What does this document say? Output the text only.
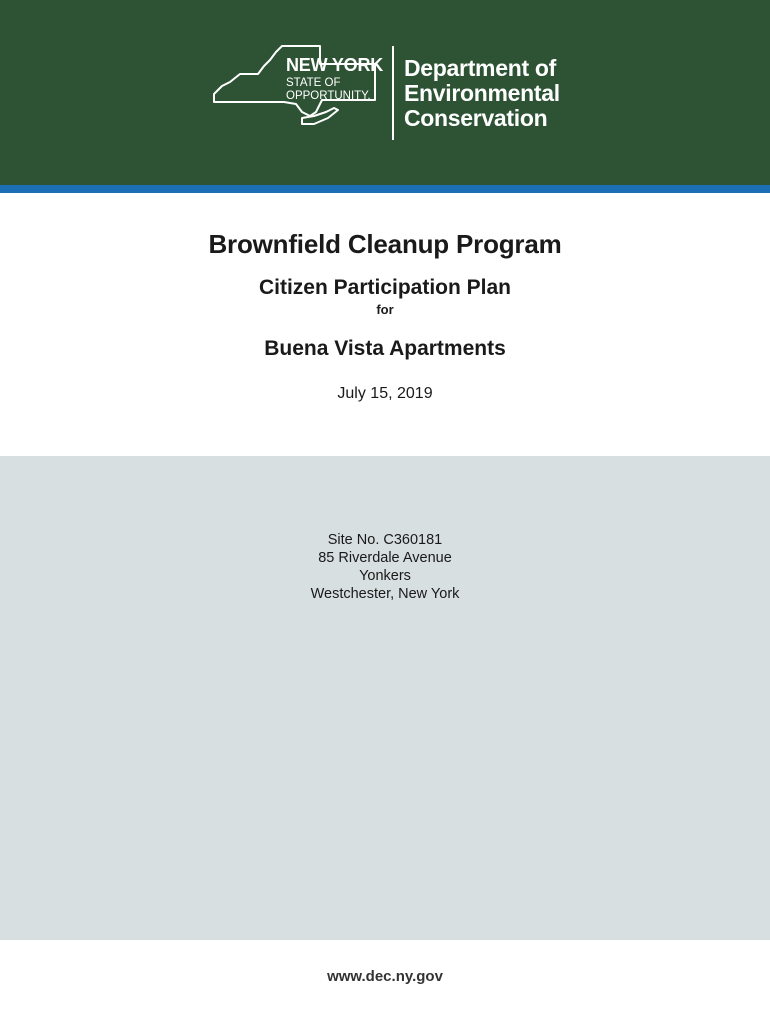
NEW YORK
STATE OF
OPPORTUNITY.
Department of
Environmental
Conservation
Brownfield Cleanup Program
Citizen Participation Plan
for
Buena Vista Apartments
July 15, 2019
Site No. C360181
85 Riverdale Avenue
Yonkers
Westchester, New York
www.dec.ny.gov
